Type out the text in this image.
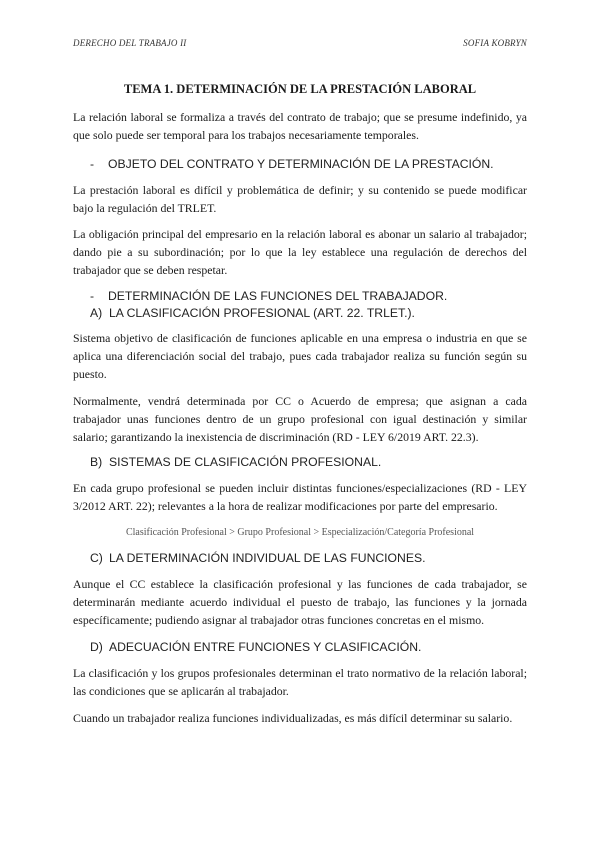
DERECHO DEL TRABAJO II	SOFIA KOBRYN
TEMA 1. DETERMINACIÓN DE LA PRESTACIÓN LABORAL
La relación laboral se formaliza a través del contrato de trabajo; que se presume indefinido, ya que solo puede ser temporal para los trabajos necesariamente temporales.
- OBJETO DEL CONTRATO Y DETERMINACIÓN DE LA PRESTACIÓN.
La prestación laboral es difícil y problemática de definir; y su contenido se puede modificar bajo la regulación del TRLET.
La obligación principal del empresario en la relación laboral es abonar un salario al trabajador; dando pie a su subordinación; por lo que la ley establece una regulación de derechos del trabajador que se deben respetar.
- DETERMINACIÓN DE LAS FUNCIONES DEL TRABAJADOR.
A) LA CLASIFICACIÓN PROFESIONAL (ART. 22. TRLET.).
Sistema objetivo de clasificación de funciones aplicable en una empresa o industria en que se aplica una diferenciación social del trabajo, pues cada trabajador realiza su función según su puesto.
Normalmente, vendrá determinada por CC o Acuerdo de empresa; que asignan a cada trabajador unas funciones dentro de un grupo profesional con igual destinación y similar salario; garantizando la inexistencia de discriminación (RD - LEY 6/2019 ART. 22.3).
B) SISTEMAS DE CLASIFICACIÓN PROFESIONAL.
En cada grupo profesional se pueden incluir distintas funciones/especializaciones (RD - LEY 3/2012 ART. 22); relevantes a la hora de realizar modificaciones por parte del empresario.
Clasificación Profesional > Grupo Profesional > Especialización/Categoría Profesional
C) LA DETERMINACIÓN INDIVIDUAL DE LAS FUNCIONES.
Aunque el CC establece la clasificación profesional y las funciones de cada trabajador, se determinarán mediante acuerdo individual el puesto de trabajo, las funciones y la jornada específicamente; pudiendo asignar al trabajador otras funciones concretas en el mismo.
D) ADECUACIÓN ENTRE FUNCIONES Y CLASIFICACIÓN.
La clasificación y los grupos profesionales determinan el trato normativo de la relación laboral; las condiciones que se aplicarán al trabajador.
Cuando un trabajador realiza funciones individualizadas, es más difícil determinar su salario.
